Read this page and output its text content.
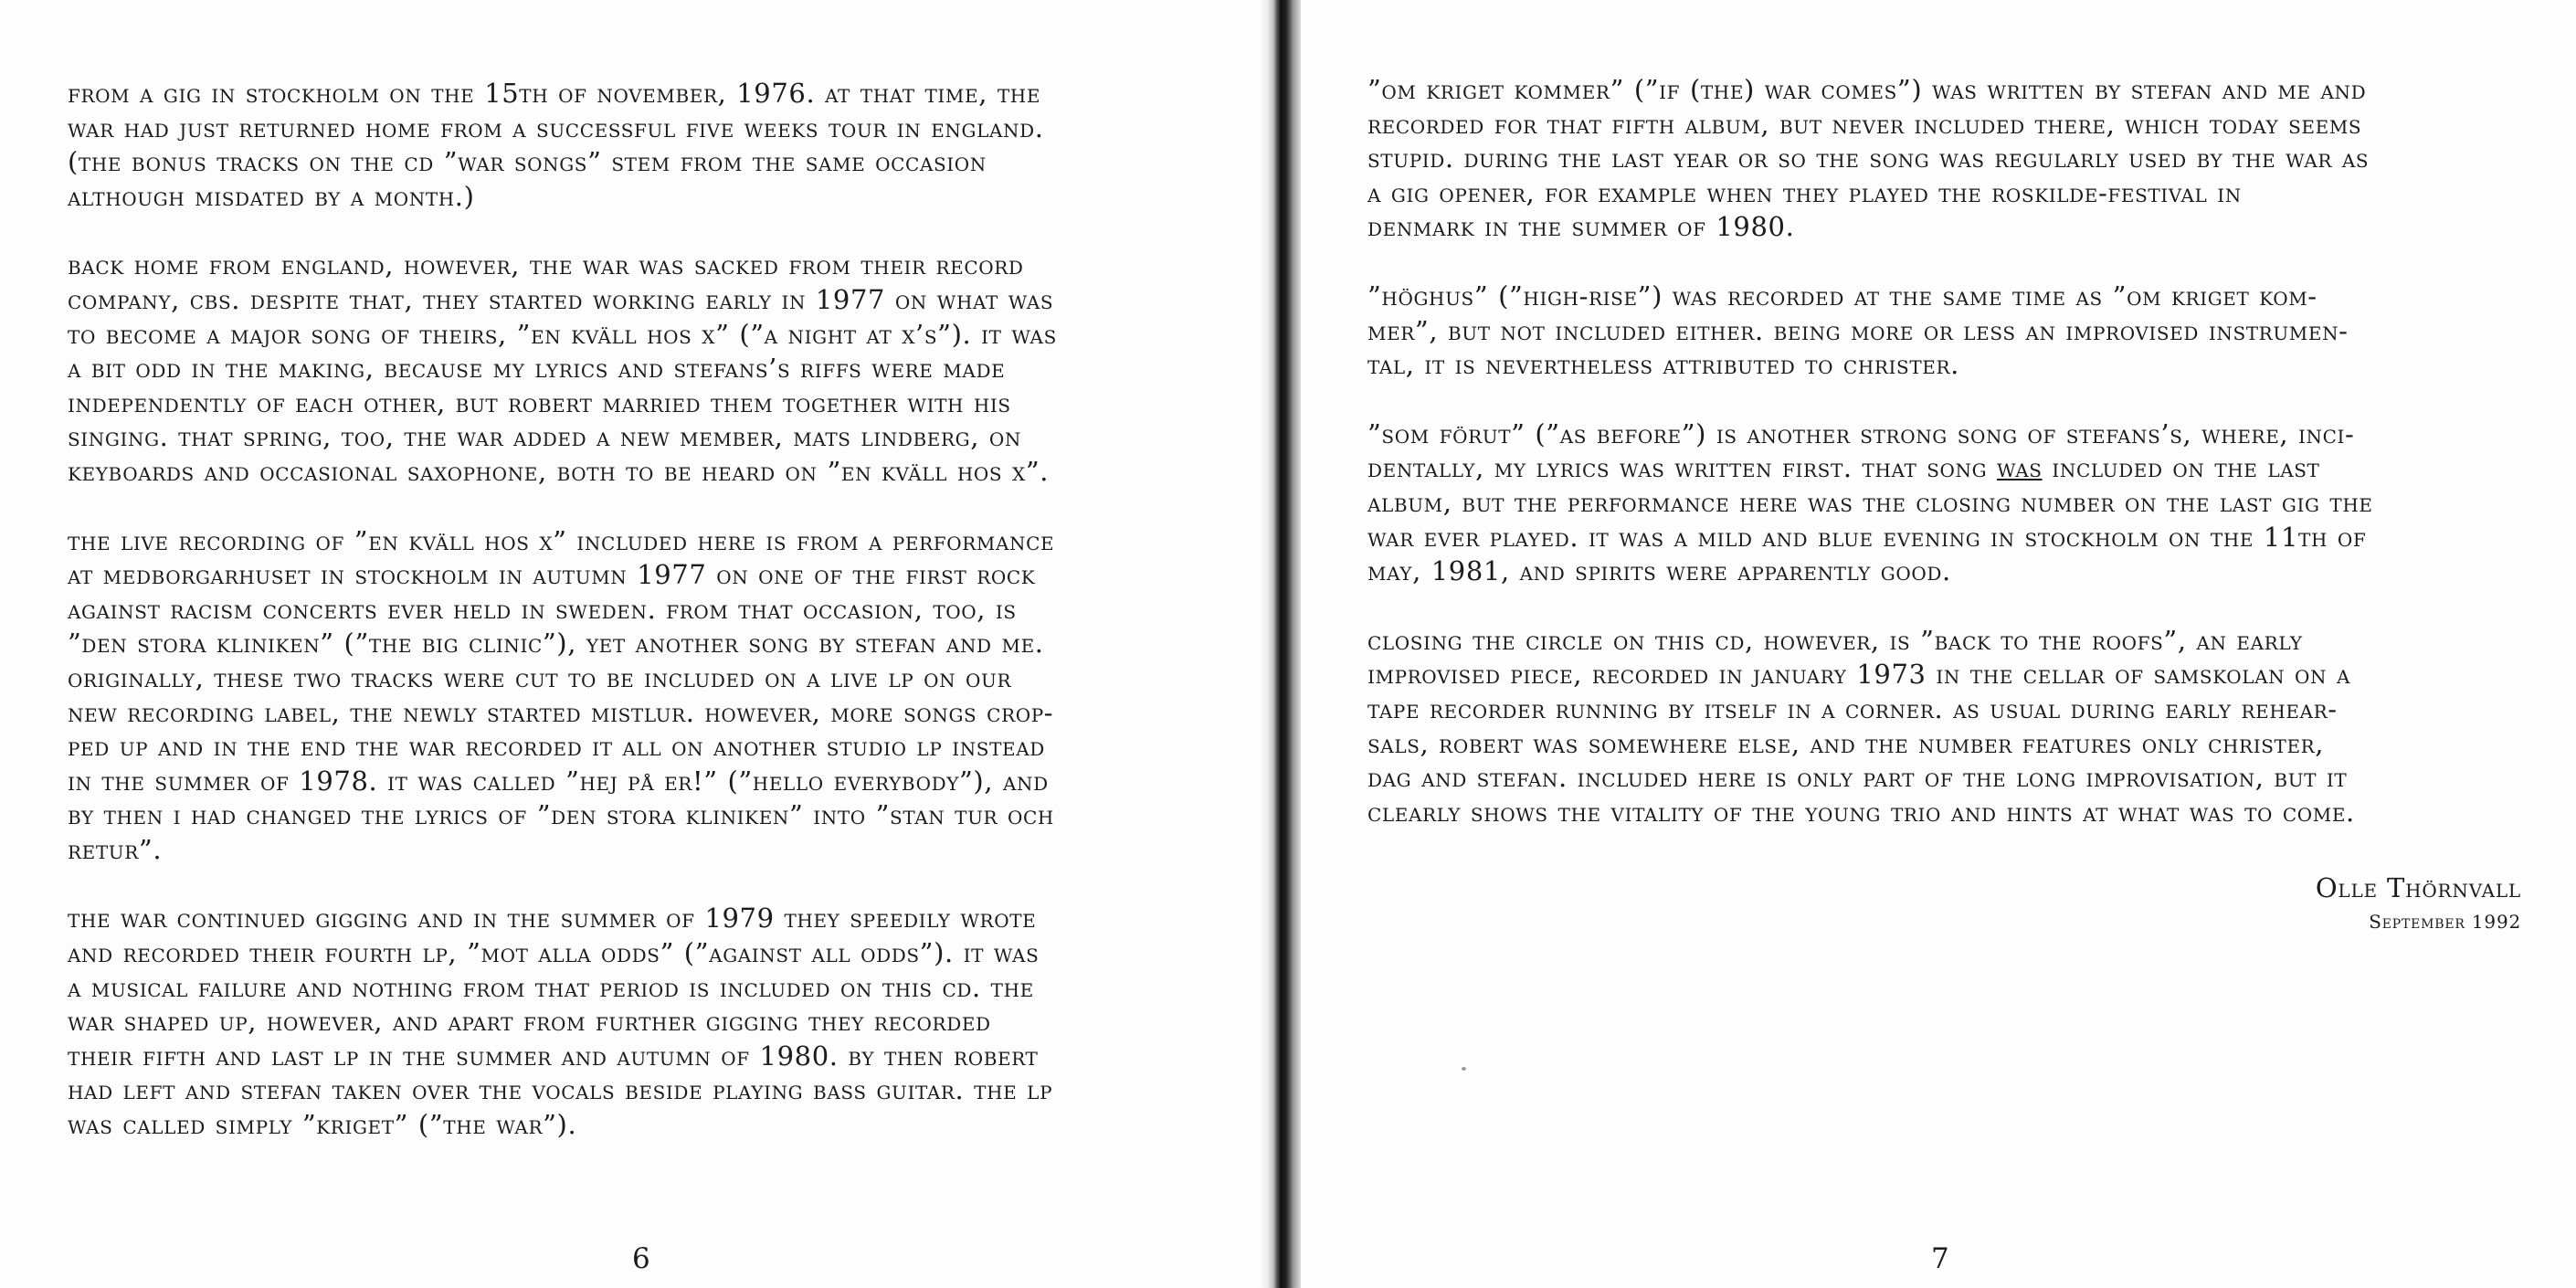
from a gig in stockholm on the 15th of november, 1976. at that time, the
war had just returned home from a successful five weeks tour in england.
(the bonus tracks on the cd ”war songs” stem from the same occasion
although misdated by a month.)

back home from england, however, the war was sacked from their record
company, cbs. despite that, they started working early in 1977 on what was
to become a major song of theirs, ”en kväll hos x” (”a night at x’s”). it was
a bit odd in the making, because my lyrics and stefans’s riffs were made
independently of each other, but robert married them together with his
singing. that spring, too, the war added a new member, mats lindberg, on
keyboards and occasional saxophone, both to be heard on ”en kväll hos x”.

the live recording of ”en kväll hos x” included here is from a performance
at medborgarhuset in stockholm in autumn 1977 on one of the first rock
against racism concerts ever held in sweden. from that occasion, too, is
”den stora kliniken” (”the big clinic”), yet another song by stefan and me.
originally, these two tracks were cut to be included on a live lp on our
new recording label, the newly started mistlur. however, more songs crop-
ped up and in the end the war recorded it all on another studio lp instead
in the summer of 1978. it was called ”hej på er!” (”hello everybody”), and
by then i had changed the lyrics of ”den stora kliniken” into ”stan tur och
retur”.

the war continued gigging and in the summer of 1979 they speedily wrote
and recorded their fourth lp, ”mot alla odds” (”against all odds”). it was
a musical failure and nothing from that period is included on this cd. the
war shaped up, however, and apart from further gigging they recorded
their fifth and last lp in the summer and autumn of 1980. by then robert
had left and stefan taken over the vocals beside playing bass guitar. the lp
was called simply ”kriget” (”the war”).

6

”om kriget kommer” (”if (the) war comes”) was written by stefan and me and
recorded for that fifth album, but never included there, which today seems
stupid. during the last year or so the song was regularly used by the war as
a gig opener, for example when they played the roskilde-festival in
denmark in the summer of 1980.

”höghus” (”high-rise”) was recorded at the same time as ”om kriget kom-
mer”, but not included either. being more or less an improvised instrumen-
tal, it is nevertheless attributed to christer.

”som förut” (”as before”) is another strong song of stefans’s, where, inci-
dentally, my lyrics was written first. that song was included on the last
album, but the performance here was the closing number on the last gig the
war ever played. it was a mild and blue evening in stockholm on the 11th of
may, 1981, and spirits were apparently good.

closing the circle on this cd, however, is ”back to the roofs”, an early
improvised piece, recorded in january 1973 in the cellar of samskolan on a
tape recorder running by itself in a corner. as usual during early rehear-
sals, robert was somewhere else, and the number features only christer,
dag and stefan. included here is only part of the long improvisation, but it
clearly shows the vitality of the young trio and hints at what was to come.

Olle Thörnvall
September 1992
7
